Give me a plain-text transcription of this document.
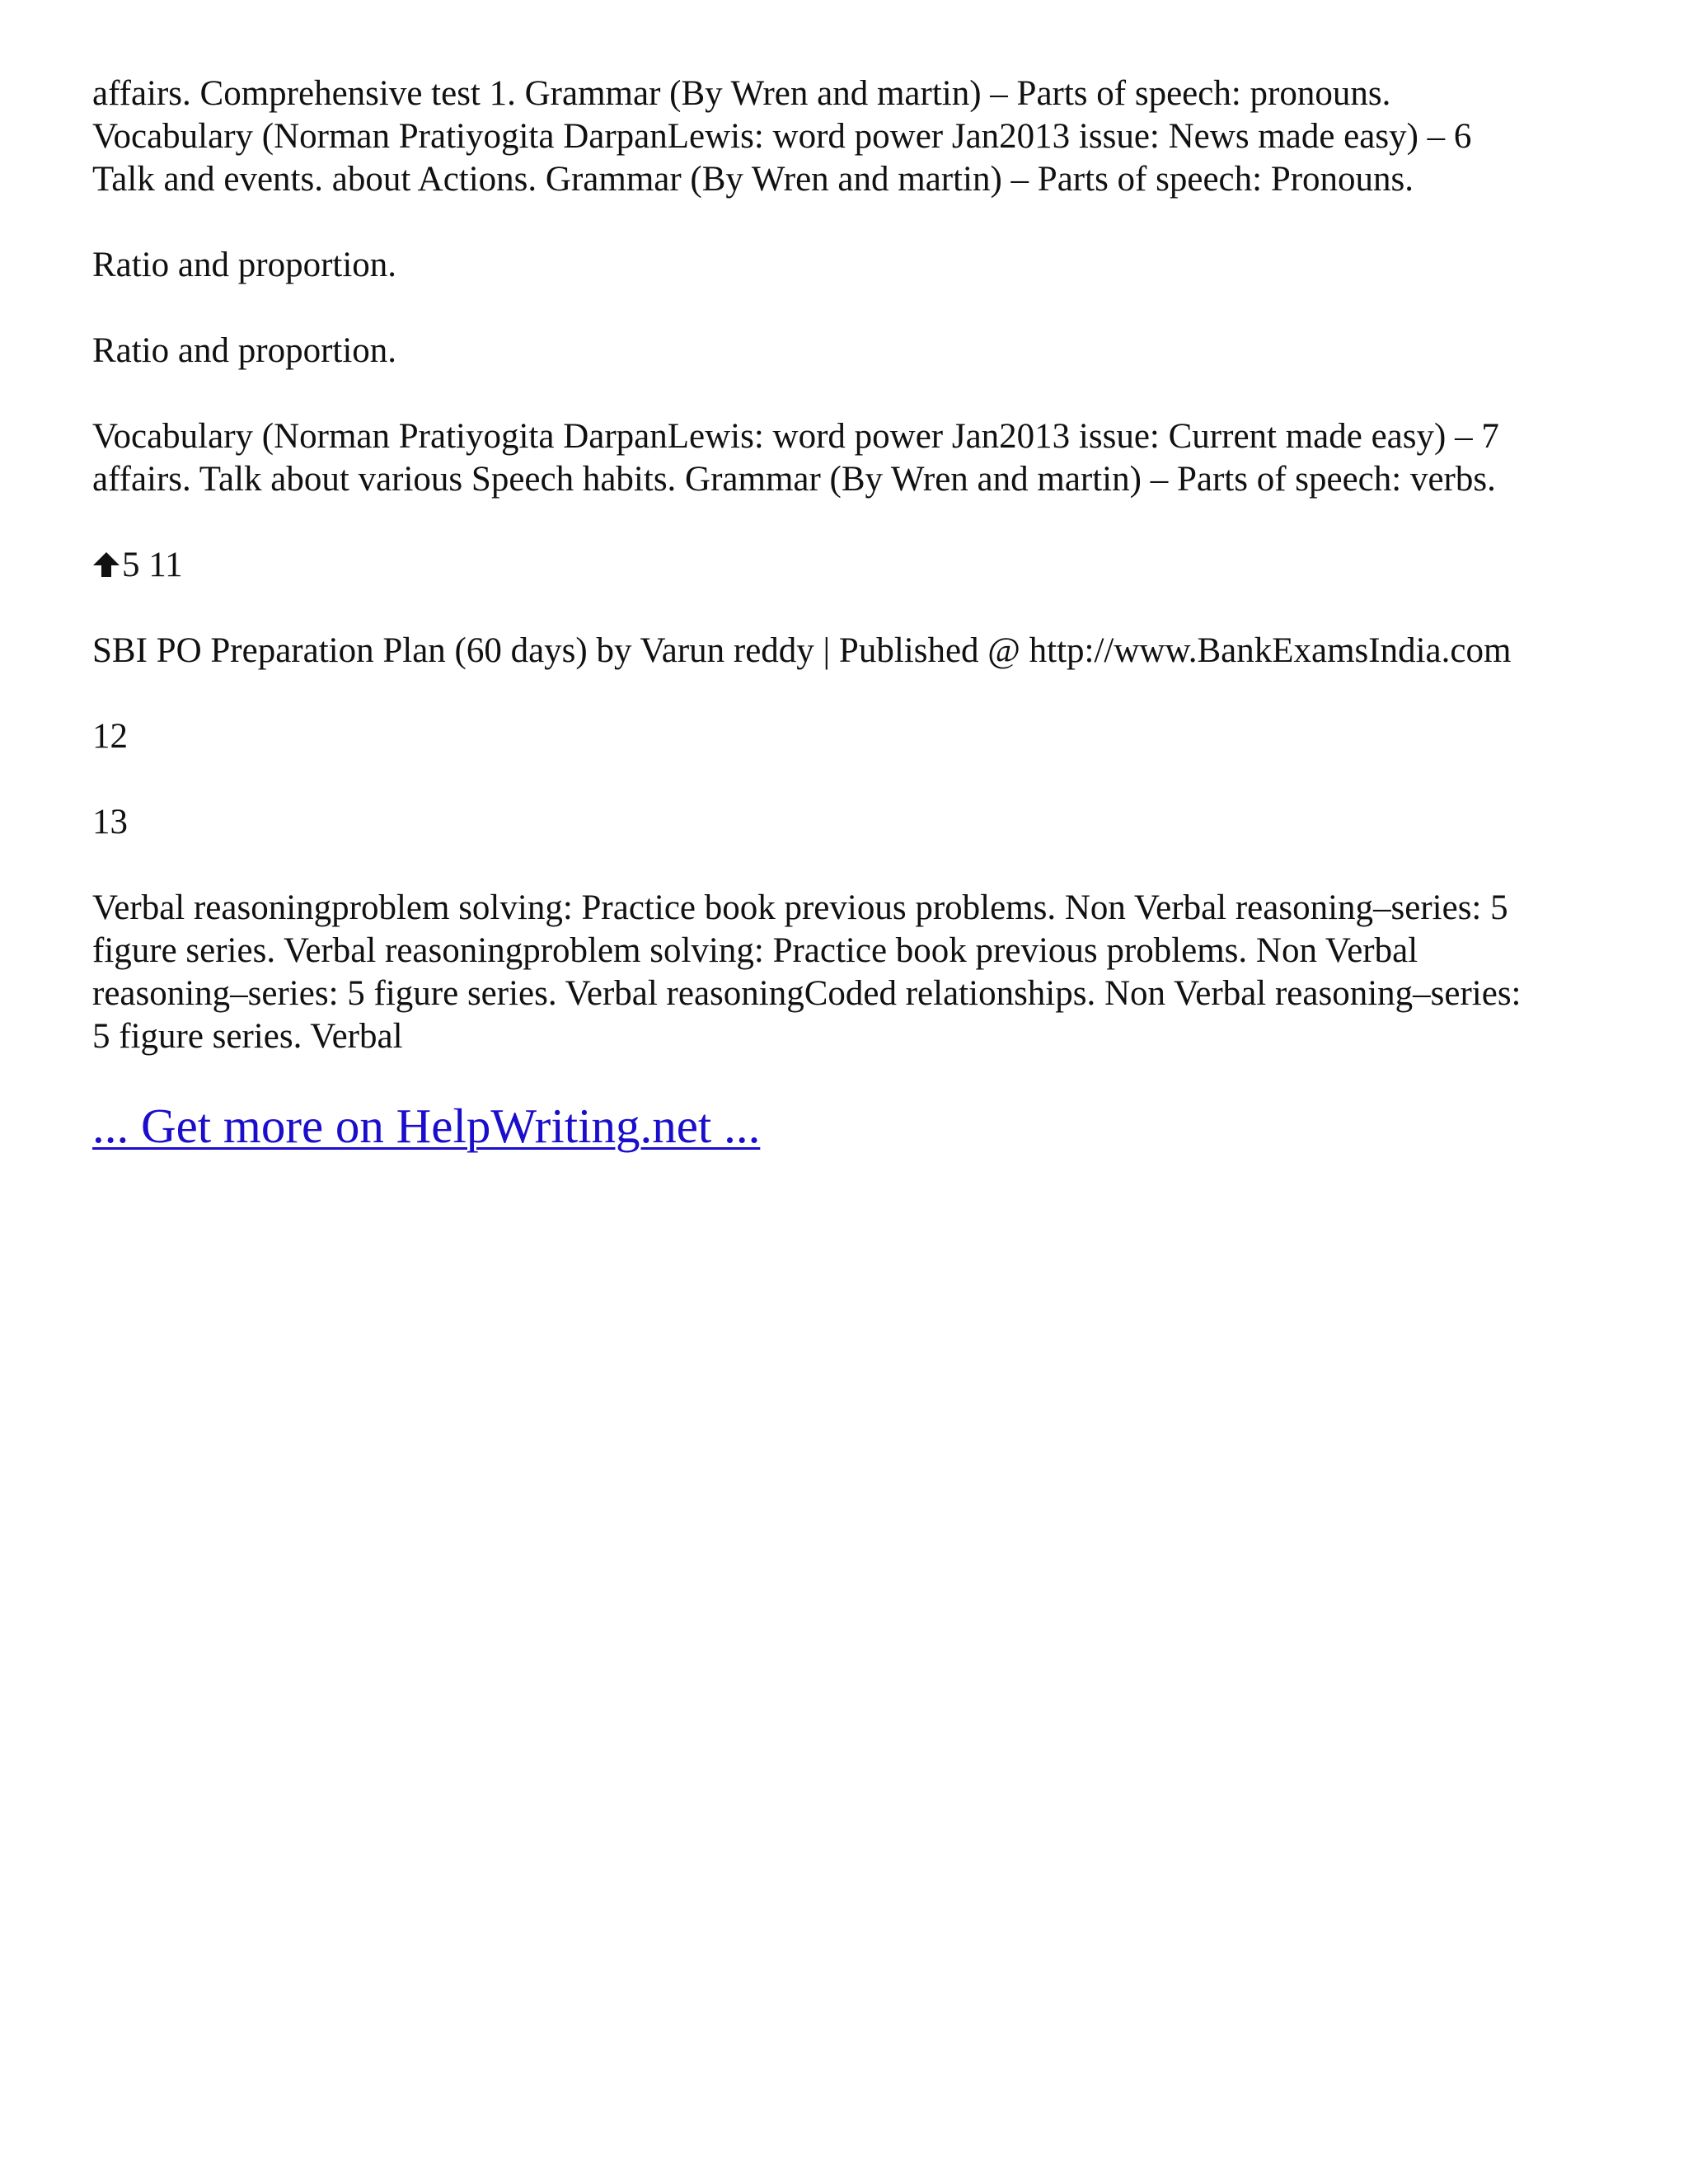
affairs. Comprehensive test 1. Grammar (By Wren and martin) – Parts of speech: pronouns.
Vocabulary (Norman Pratiyogita DarpanLewis: word power Jan2013 issue: News made easy) – 6
Talk and events. about Actions. Grammar (By Wren and martin) – Parts of speech: Pronouns.

Ratio and proportion.

Ratio and proportion.

Vocabulary (Norman Pratiyogita DarpanLewis: word power Jan2013 issue: Current made easy) – 7
affairs. Talk about various Speech habits. Grammar (By Wren and martin) – Parts of speech: verbs.

5 11

SBI PO Preparation Plan (60 days) by Varun reddy | Published @ http://www.BankExamsIndia.com

12

13

Verbal reasoningproblem solving: Practice book previous problems. Non Verbal reasoning–series: 5
figure series. Verbal reasoningproblem solving: Practice book previous problems. Non Verbal
reasoning–series: 5 figure series. Verbal reasoningCoded relationships. Non Verbal reasoning–series:
5 figure series. Verbal

... Get more on HelpWriting.net ...
